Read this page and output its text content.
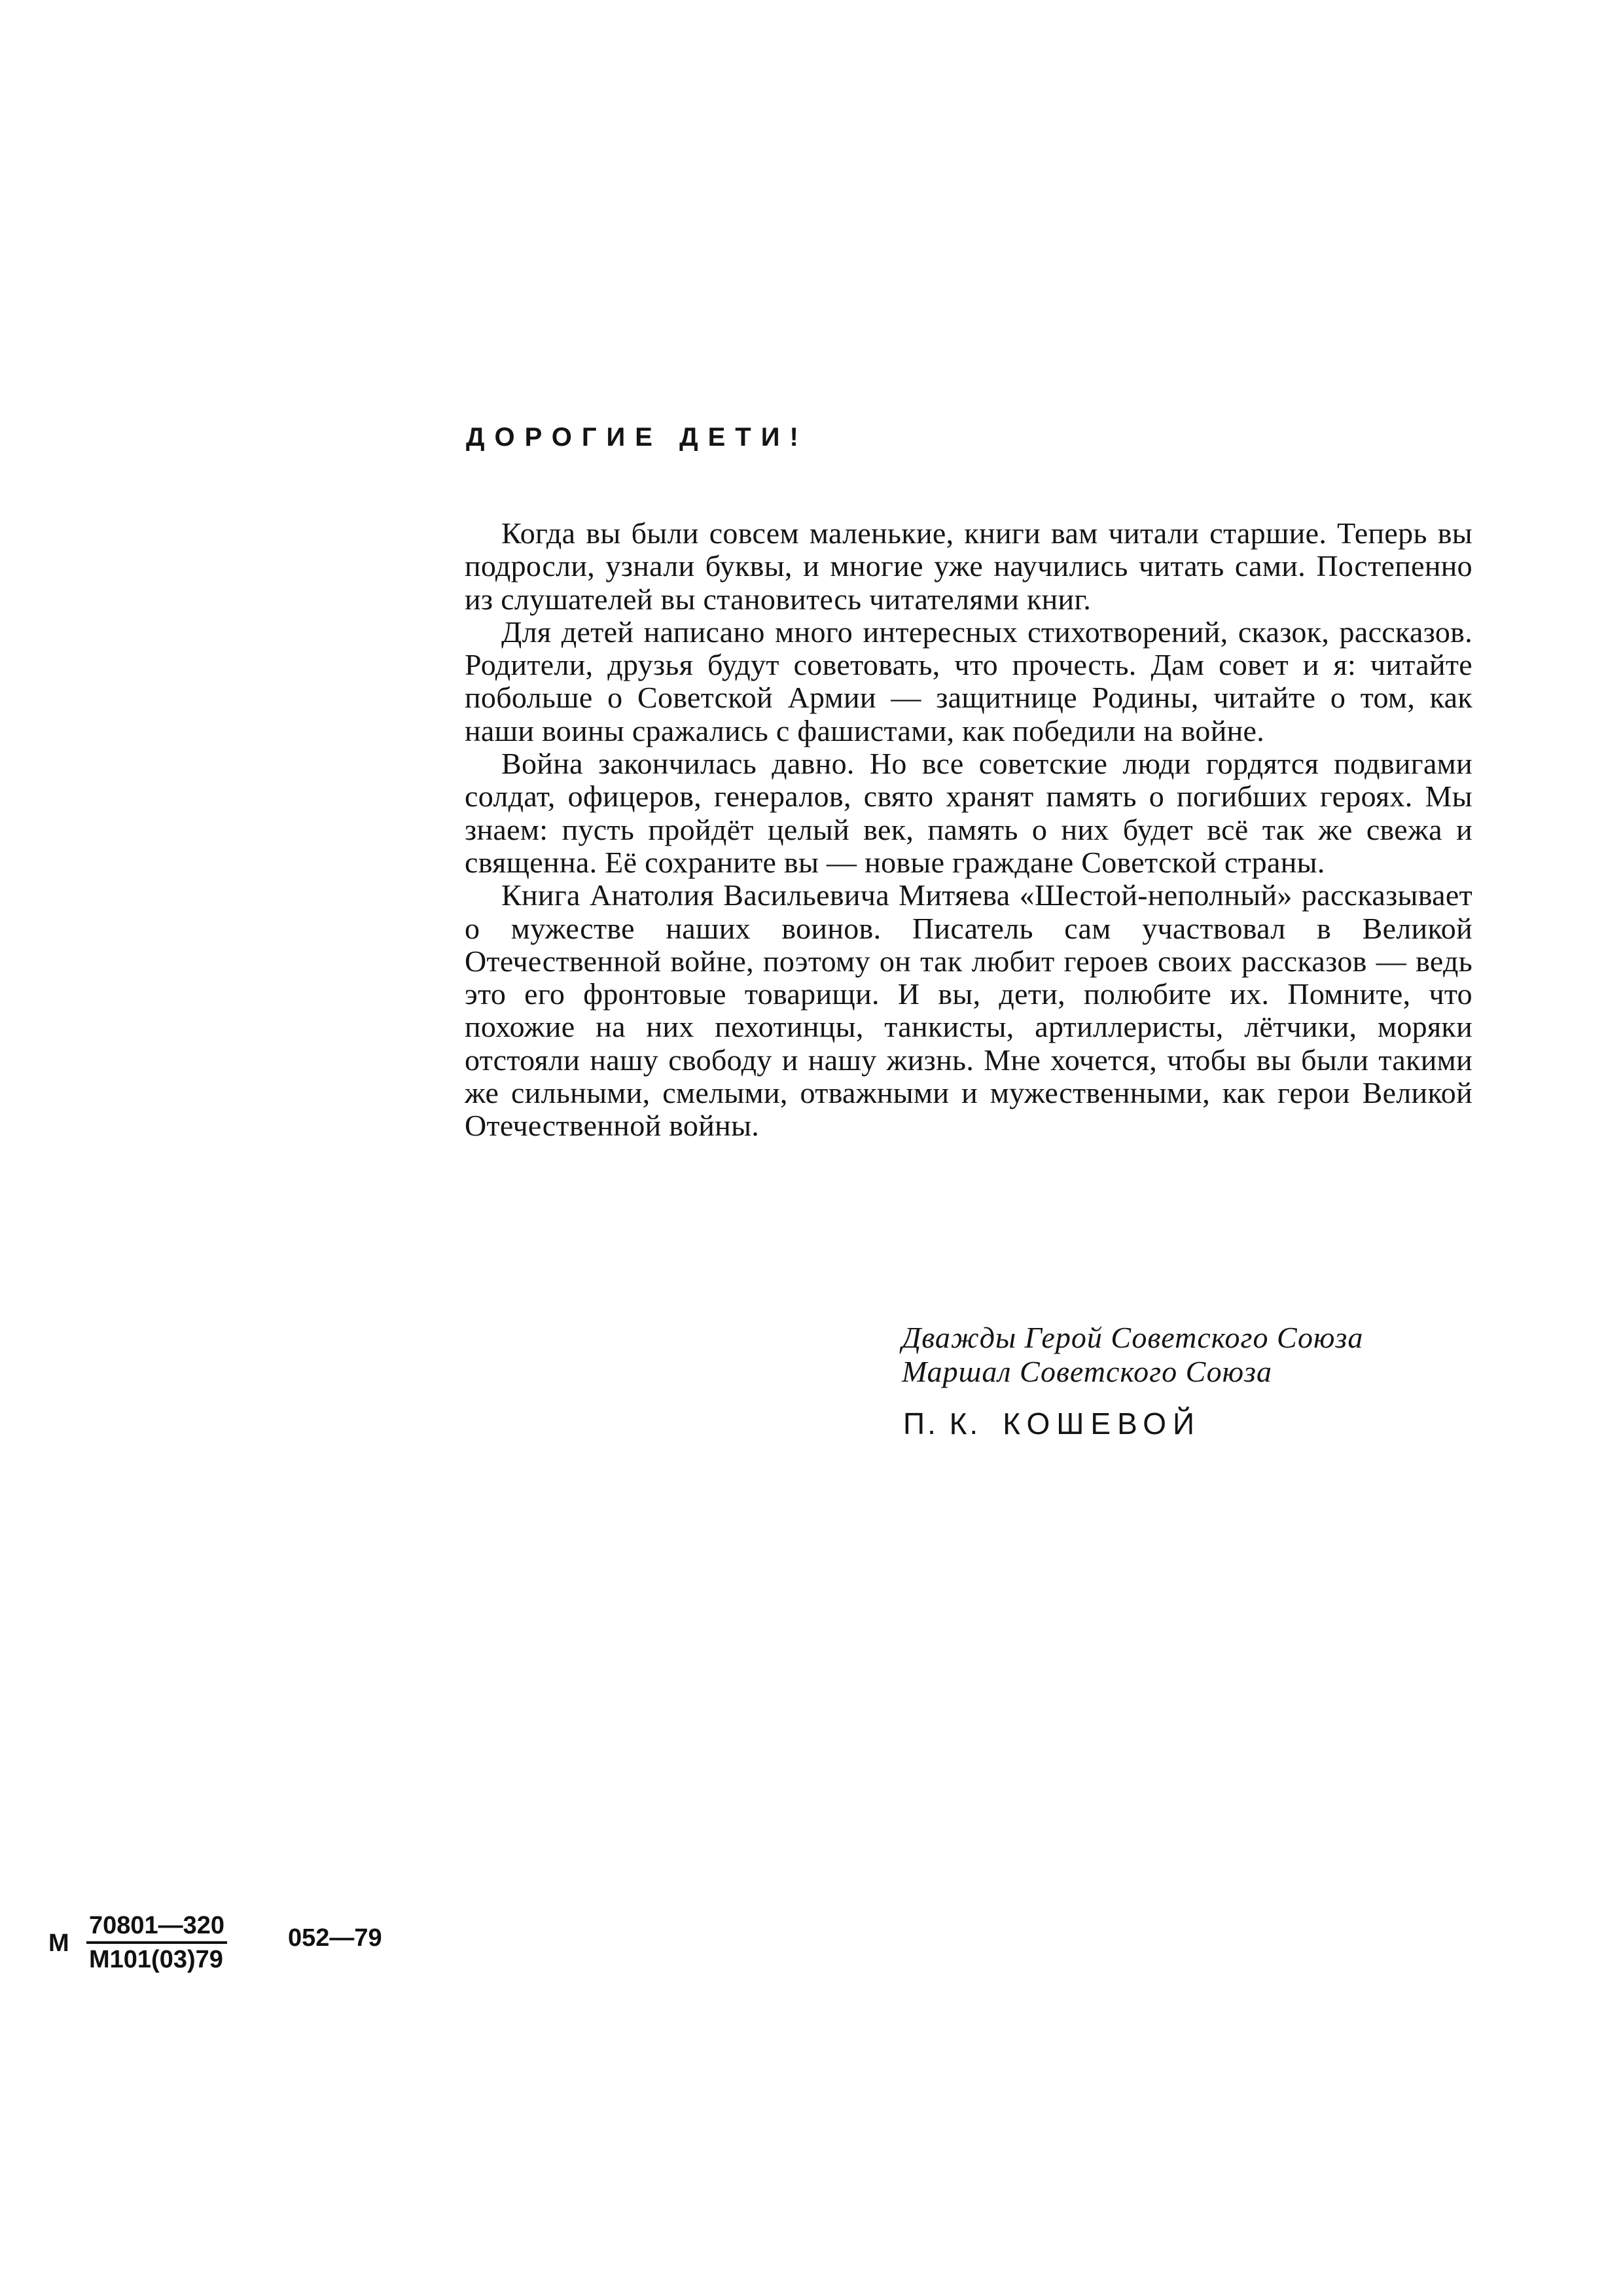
ДОРОГИЕ ДЕТИ!

Когда вы были совсем маленькие, книги вам читали старшие. Теперь вы подросли, узнали буквы, и многие уже научились читать сами. Постепенно из слушателей вы становитесь читателями книг.

Для детей написано много интересных стихотворений, сказок, рассказов. Родители, друзья будут советовать, что прочесть. Дам совет и я: читайте побольше о Советской Армии — защитнице Родины, читайте о том, как наши воины сражались с фашистами, как победили на войне.

Война закончилась давно. Но все советские люди гордятся подвигами солдат, офицеров, генералов, свято хранят память о погибших героях. Мы знаем: пусть пройдёт целый век, память о них будет всё так же свежа и священна. Её сохраните вы — новые граждане Советской страны.

Книга Анатолия Васильевича Митяева «Шестой-неполный» рассказывает о мужестве наших воинов. Писатель сам участвовал в Великой Отечественной войне, поэтому он так любит героев своих рассказов — ведь это его фронтовые товарищи. И вы, дети, полюбите их. Помните, что похожие на них пехотинцы, танкисты, артиллеристы, лётчики, моряки отстояли нашу свободу и нашу жизнь. Мне хочется, чтобы вы были такими же сильными, смелыми, отважными и мужественными, как герои Великой Отечественной войны.

Дважды Герой Советского Союза
Маршал Советского Союза
П. К. КОШЕВОЙ
М
70801—320
М101(03)79
052—79
